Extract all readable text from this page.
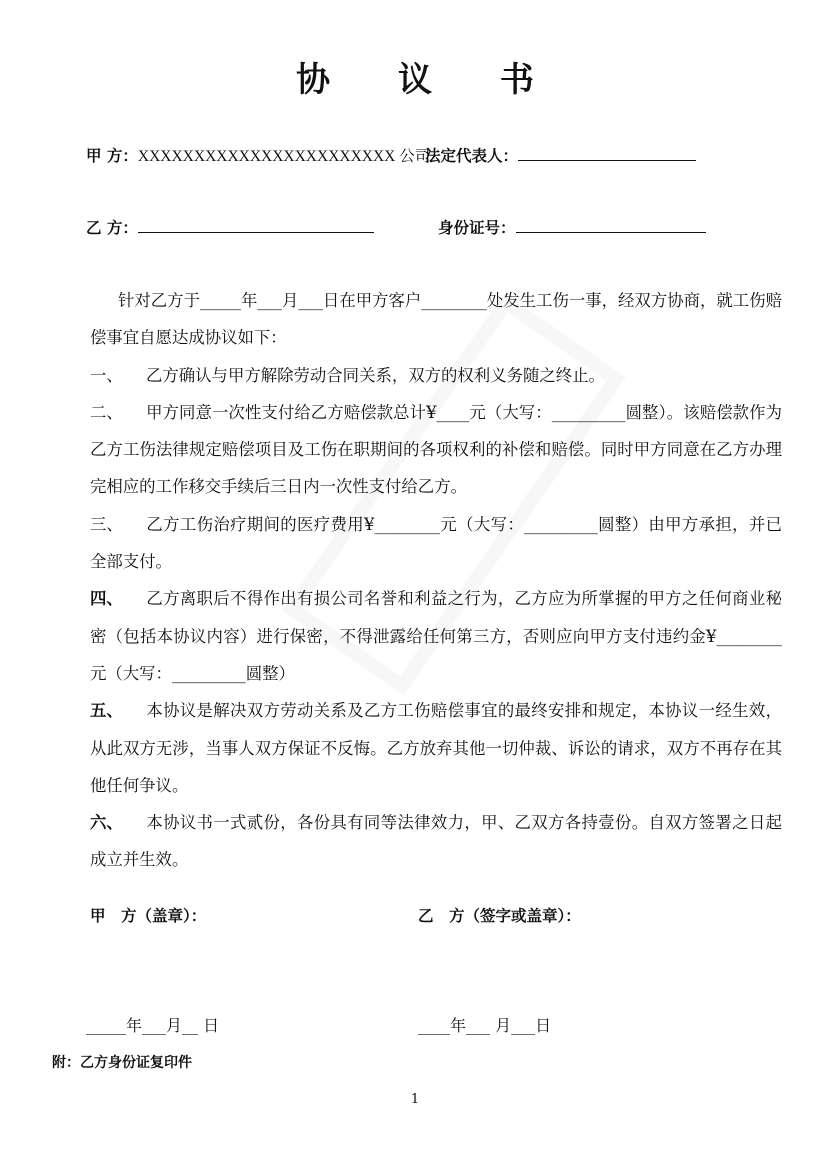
协 议 书
甲 方：XXXXXXXXXXXXXXXXXXXXXXX 公司
法定代表人：
乙 方：	身份证号：

针对乙方于_____年___月___日在甲方客户________处发生工伤一事，经双方协商，就工伤赔偿事宜自愿达成协议如下：

一、 乙方确认与甲方解除劳动合同关系，双方的权利义务随之终止。

二、 甲方同意一次性支付给乙方赔偿款总计¥____元（大写：_________圆整）。该赔偿款作为乙方工伤法律规定赔偿项目及工伤在职期间的各项权利的补偿和赔偿。同时甲方同意在乙方办理完相应的工作移交手续后三日内一次性支付给乙方。

三、 乙方工伤治疗期间的医疗费用¥________元（大写：_________圆整）由甲方承担，并已全部支付。

四、 乙方离职后不得作出有损公司名誉和利益之行为，乙方应为所掌握的甲方之任何商业秘密（包括本协议内容）进行保密，不得泄露给任何第三方，否则应向甲方支付违约金¥________元（大写：_________圆整）

五、 本协议是解决双方劳动关系及乙方工伤赔偿事宜的最终安排和规定，本协议一经生效，从此双方无涉，当事人双方保证不反悔。乙方放弃其他一切仲裁、诉讼的请求，双方不再存在其他任何争议。

六、 本协议书一式贰份，各份具有同等法律效力，甲、乙双方各持壹份。自双方签署之日起成立并生效。

甲　方（盖章）：	乙　方（签字或盖章）：
_____年___月__ 日	____年___ 月___日
附：乙方身份证复印件
1
